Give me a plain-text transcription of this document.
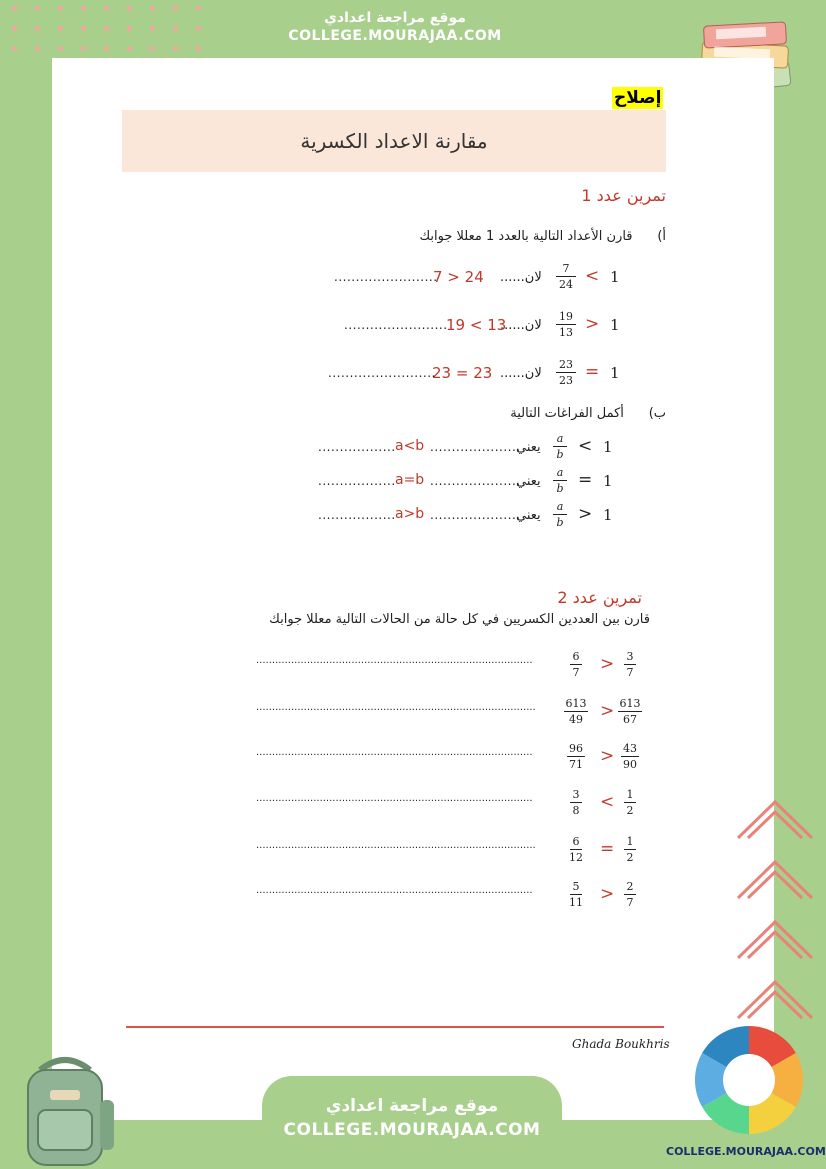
موقع مراجعة اعدادي
COLLEGE.MOURAJAA.COM
إصلاح
مقارنة الاعداد الكسرية
تمرين عدد 1
أ)      قارن الأعداد التالية بالعدد 1 معللا جوابك
1
<
7
24
لان......
7 > 24
........................
1
>
19
13
لان......
19 < 13
........................
1
=
23
23
لان......
23 = 23
.........................
ب)      أكمل الفراغات التالية
1
<
a
b
يعني
.....................
a<b
..................
1
=
a
b
يعني
.....................
a=b
..................
1
>
a
b
يعني
.....................
a>b
..................
تمرين عدد 2
قارن بين العددين الكسريين في كل حالة من الحالات التالية معللا جوابك
3
7
>
6
7
.......................................................................................
613
67
>
613
49
........................................................................................
43
90
>
96
71
.......................................................................................
1
2
<
3
8
.......................................................................................
1
2
=
6
12
........................................................................................
2
7
>
5
11
.......................................................................................
Ghada Boukhris
موقع مراجعة اعدادي
COLLEGE.MOURAJAA.COM
COLLEGE.MOURAJAA.COM
